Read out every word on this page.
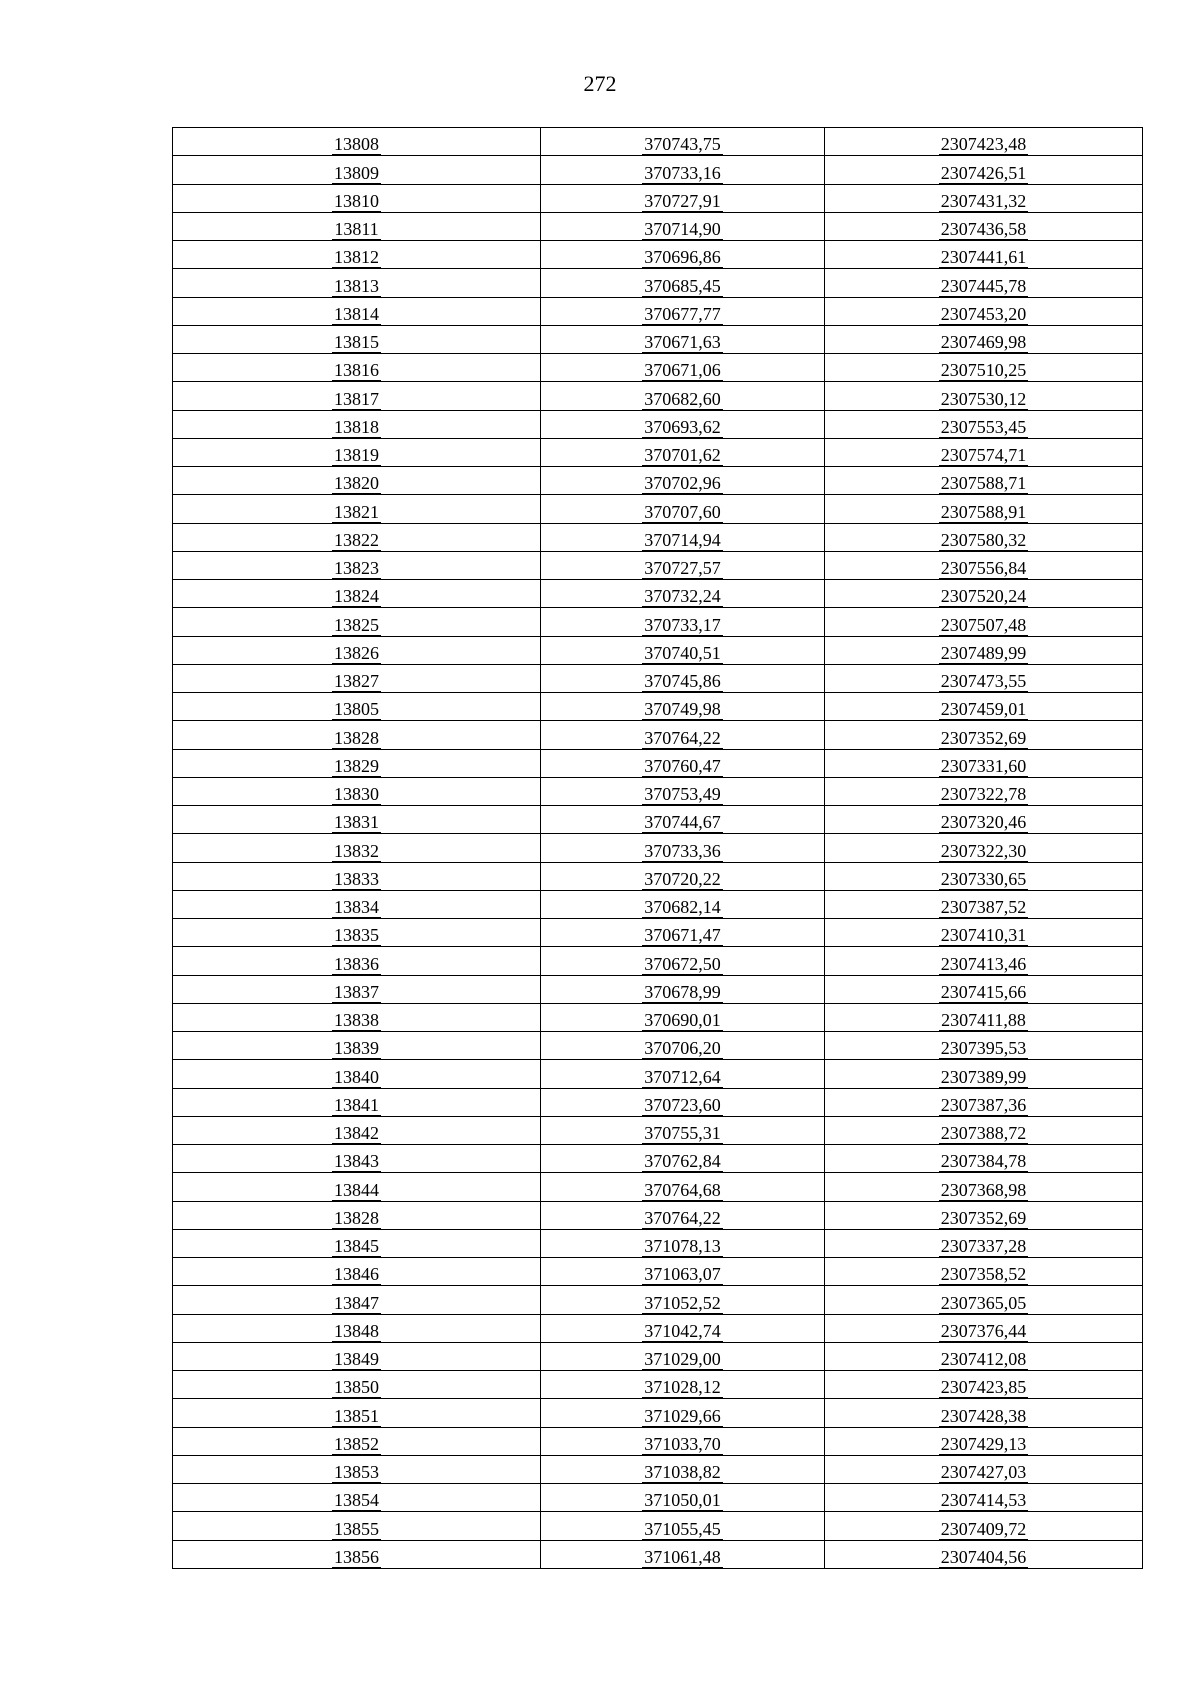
272
13808	370743,75	2307423,48
13809	370733,16	2307426,51
13810	370727,91	2307431,32
13811	370714,90	2307436,58
13812	370696,86	2307441,61
13813	370685,45	2307445,78
13814	370677,77	2307453,20
13815	370671,63	2307469,98
13816	370671,06	2307510,25
13817	370682,60	2307530,12
13818	370693,62	2307553,45
13819	370701,62	2307574,71
13820	370702,96	2307588,71
13821	370707,60	2307588,91
13822	370714,94	2307580,32
13823	370727,57	2307556,84
13824	370732,24	2307520,24
13825	370733,17	2307507,48
13826	370740,51	2307489,99
13827	370745,86	2307473,55
13805	370749,98	2307459,01
13828	370764,22	2307352,69
13829	370760,47	2307331,60
13830	370753,49	2307322,78
13831	370744,67	2307320,46
13832	370733,36	2307322,30
13833	370720,22	2307330,65
13834	370682,14	2307387,52
13835	370671,47	2307410,31
13836	370672,50	2307413,46
13837	370678,99	2307415,66
13838	370690,01	2307411,88
13839	370706,20	2307395,53
13840	370712,64	2307389,99
13841	370723,60	2307387,36
13842	370755,31	2307388,72
13843	370762,84	2307384,78
13844	370764,68	2307368,98
13828	370764,22	2307352,69
13845	371078,13	2307337,28
13846	371063,07	2307358,52
13847	371052,52	2307365,05
13848	371042,74	2307376,44
13849	371029,00	2307412,08
13850	371028,12	2307423,85
13851	371029,66	2307428,38
13852	371033,70	2307429,13
13853	371038,82	2307427,03
13854	371050,01	2307414,53
13855	371055,45	2307409,72
13856	371061,48	2307404,56
